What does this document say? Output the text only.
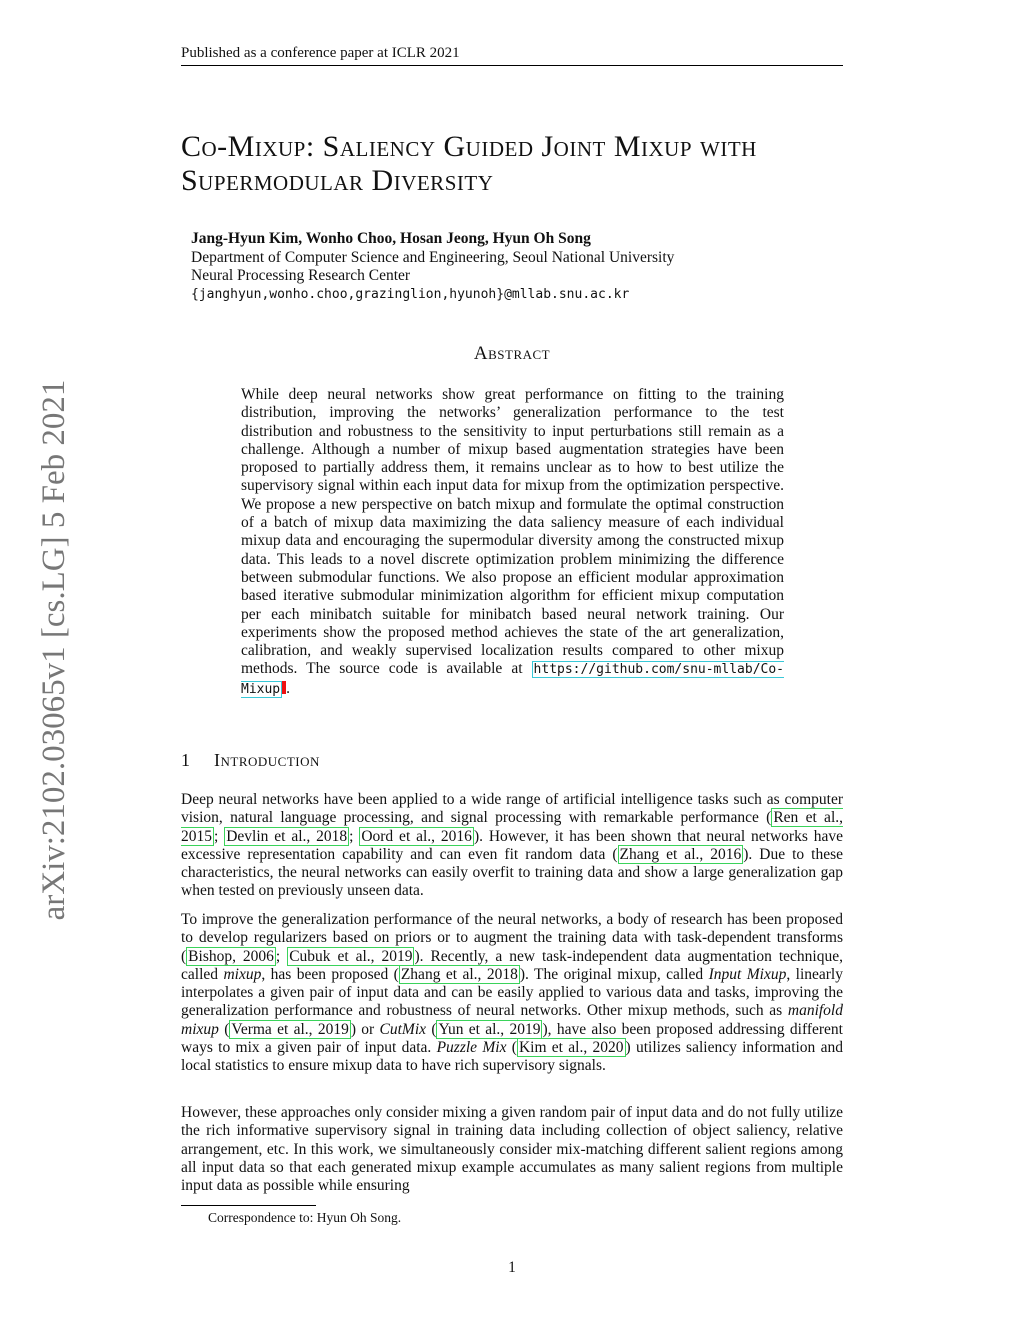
Published as a conference paper at ICLR 2021
arXiv:2102.03065v1 [cs.LG] 5 Feb 2021
Co-Mixup: Saliency Guided Joint Mixup with
Supermodular Diversity
Jang-Hyun Kim, Wonho Choo, Hosan Jeong, Hyun Oh Song
Department of Computer Science and Engineering, Seoul National University
Neural Processing Research Center
{janghyun,wonho.choo,grazinglion,hyunoh}@mllab.snu.ac.kr
Abstract

While deep neural networks show great performance on fitting to the training distribution, improving the networks’ generalization performance to the test distribution and robustness to the sensitivity to input perturbations still remain as a challenge. Although a number of mixup based augmentation strategies have been proposed to partially address them, it remains unclear as to how to best utilize the supervisory signal within each input data for mixup from the optimization perspective. We propose a new perspective on batch mixup and formulate the optimal construction of a batch of mixup data maximizing the data saliency measure of each individual mixup data and encouraging the supermodular diversity among the constructed mixup data. This leads to a novel discrete optimization problem minimizing the difference between submodular functions. We also propose an efficient modular approximation based iterative submodular minimization algorithm for efficient mixup computation per each minibatch suitable for minibatch based neural network training. Our experiments show the proposed method achieves the state of the art generalization, calibration, and weakly supervised localization results compared to other mixup methods. The source code is available at https://github.com/snu-mllab/Co-Mixup .

1 Introduction

Deep neural networks have been applied to a wide range of artificial intelligence tasks such as computer vision, natural language processing, and signal processing with remarkable performance ( Ren et al., 2015 ; Devlin et al., 2018 ; Oord et al., 2016 ). However, it has been shown that neural networks have excessive representation capability and can even fit random data ( Zhang et al., 2016 ). Due to these characteristics, the neural networks can easily overfit to training data and show a large generalization gap when tested on previously unseen data.

To improve the generalization performance of the neural networks, a body of research has been proposed to develop regularizers based on priors or to augment the training data with task-dependent transforms ( Bishop, 2006 ; Cubuk et al., 2019 ). Recently, a new task-independent data augmentation technique, called mixup, has been proposed ( Zhang et al., 2018 ). The original mixup, called Input Mixup, linearly interpolates a given pair of input data and can be easily applied to various data and tasks, improving the generalization performance and robustness of neural networks. Other mixup methods, such as manifold mixup ( Verma et al., 2019 ) or CutMix ( Yun et al., 2019 ), have also been proposed addressing different ways to mix a given pair of input data. Puzzle Mix ( Kim et al., 2020 ) utilizes saliency information and local statistics to ensure mixup data to have rich supervisory signals.

However, these approaches only consider mixing a given random pair of input data and do not fully utilize the rich informative supervisory signal in training data including collection of object saliency, relative arrangement, etc. In this work, we simultaneously consider mix-matching different salient regions among all input data so that each generated mixup example accumulates as many salient regions from multiple input data as possible while ensuring

Correspondence to: Hyun Oh Song.
1
